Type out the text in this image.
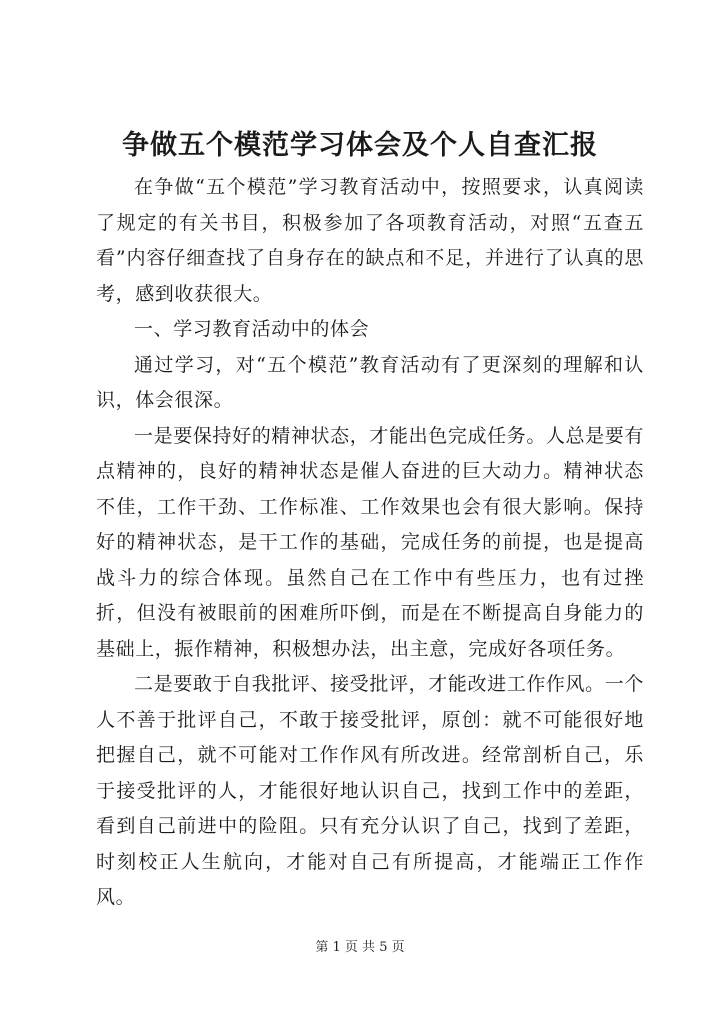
争做五个模范学习体会及个人自查汇报

在争做“五个模范”学习教育活动中，按照要求，认真阅读了规定的有关书目，积极参加了各项教育活动，对照“五查五看”内容仔细查找了自身存在的缺点和不足，并进行了认真的思考，感到收获很大。

一、学习教育活动中的体会

通过学习，对“五个模范”教育活动有了更深刻的理解和认识，体会很深。

一是要保持好的精神状态，才能出色完成任务。人总是要有点精神的，良好的精神状态是催人奋进的巨大动力。精神状态不佳，工作干劲、工作标准、工作效果也会有很大影响。保持好的精神状态，是干工作的基础，完成任务的前提，也是提高战斗力的综合体现。虽然自己在工作中有些压力，也有过挫折，但没有被眼前的困难所吓倒，而是在不断提高自身能力的基础上，振作精神，积极想办法，出主意，完成好各项任务。

二是要敢于自我批评、接受批评，才能改进工作作风。一个人不善于批评自己，不敢于接受批评，原创：就不可能很好地把握自己，就不可能对工作作风有所改进。经常剖析自己，乐于接受批评的人，才能很好地认识自己，找到工作中的差距，看到自己前进中的险阻。只有充分认识了自己，找到了差距，时刻校正人生航向，才能对自己有所提高，才能端正工作作风。

第 1 页 共 5 页
